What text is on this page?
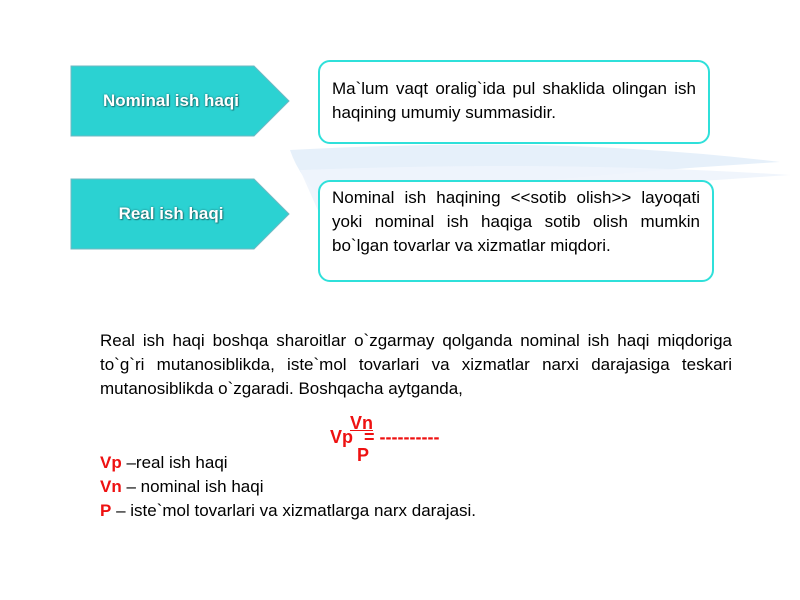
Nominal ish haqi
Ma`lum vaqt oralig`ida pul shaklida olingan ish haqining umumiy summasidir.
Real ish haqi
Nominal ish haqining <<sotib olish>> layoqati yoki nominal ish haqiga sotib olish mumkin bo`lgan tovarlar va xizmatlar miqdori.
Real ish haqi boshqa sharoitlar o`zgarmay qolganda nominal ish haqi miqdoriga to`g`ri mutanosiblikda, iste`mol tovarlari va xizmatlar narxi darajasiga teskari mutanosiblikda o`zgaradi. Boshqacha aytganda,
Vn
Vp = ----------
P
Vp –real ish haqi
Vn – nominal ish haqi
P – iste`mol tovarlari va xizmatlarga narx darajasi.
